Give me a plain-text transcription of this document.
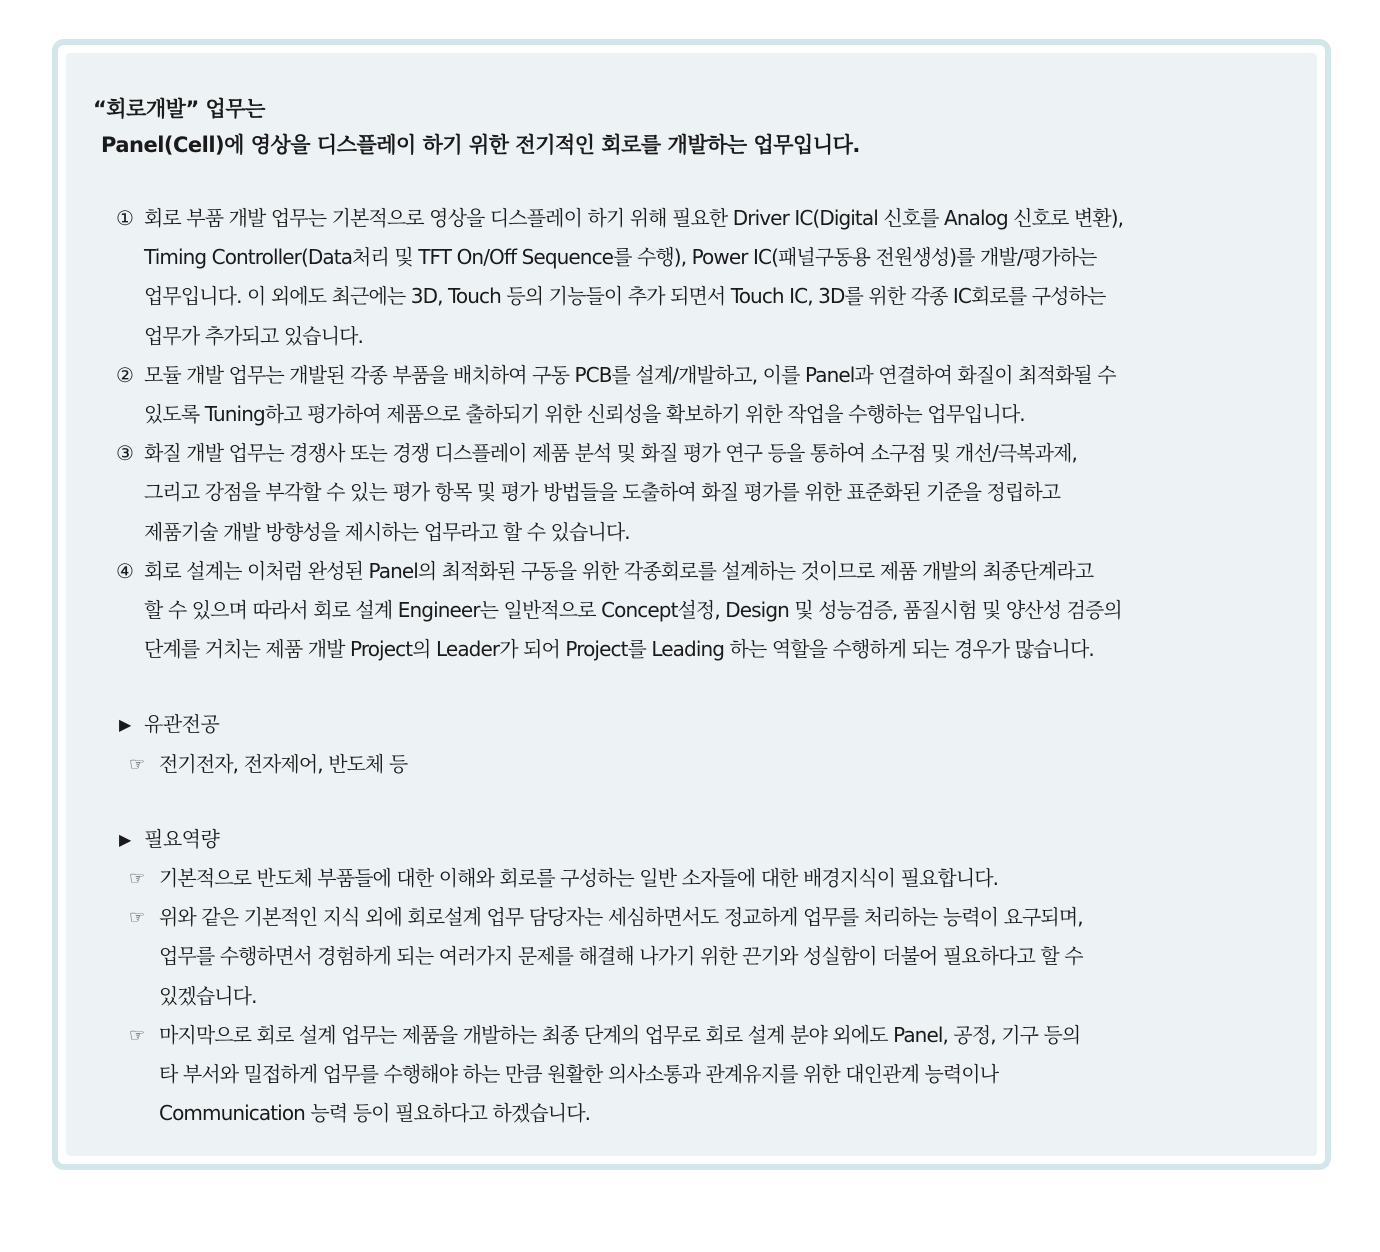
“회로개발” 업무는
Panel(Cell)에 영상을 디스플레이 하기 위한 전기적인 회로를 개발하는 업무입니다.
① 회로 부품 개발 업무는 기본적으로 영상을 디스플레이 하기 위해 필요한 Driver IC(Digital 신호를 Analog 신호로 변환),
Timing Controller(Data처리 및 TFT On/Off Sequence를 수행), Power IC(패널구동용 전원생성)를 개발/평가하는
업무입니다. 이 외에도 최근에는 3D, Touch 등의 기능들이 추가 되면서 Touch IC, 3D를 위한 각종 IC회로를 구성하는
업무가 추가되고 있습니다.
② 모듈 개발 업무는 개발된 각종 부품을 배치하여 구동 PCB를 설계/개발하고, 이를 Panel과 연결하여 화질이 최적화될 수
있도록 Tuning하고 평가하여 제품으로 출하되기 위한 신뢰성을 확보하기 위한 작업을 수행하는 업무입니다.
③ 화질 개발 업무는 경쟁사 또는 경쟁 디스플레이 제품 분석 및 화질 평가 연구 등을 통하여 소구점 및 개선/극복과제,
그리고 강점을 부각할 수 있는 평가 항목 및 평가 방법들을 도출하여 화질 평가를 위한 표준화된 기준을 정립하고
제품기술 개발 방향성을 제시하는 업무라고 할 수 있습니다.
④ 회로 설계는 이처럼 완성된 Panel의 최적화된 구동을 위한 각종회로를 설계하는 것이므로 제품 개발의 최종단계라고
할 수 있으며 따라서 회로 설계 Engineer는 일반적으로 Concept설정, Design 및 성능검증, 품질시험 및 양산성 검증의
단계를 거치는 제품 개발 Project의 Leader가 되어 Project를 Leading 하는 역할을 수행하게 되는 경우가 많습니다.
▶ 유관전공
☞ 전기전자, 전자제어, 반도체 등
▶ 필요역량
☞ 기본적으로 반도체 부품들에 대한 이해와 회로를 구성하는 일반 소자들에 대한 배경지식이 필요합니다.
☞ 위와 같은 기본적인 지식 외에 회로설계 업무 담당자는 세심하면서도 정교하게 업무를 처리하는 능력이 요구되며,
업무를 수행하면서 경험하게 되는 여러가지 문제를 해결해 나가기 위한 끈기와 성실함이 더불어 필요하다고 할 수
있겠습니다.
☞ 마지막으로 회로 설계 업무는 제품을 개발하는 최종 단계의 업무로 회로 설계 분야 외에도 Panel, 공정, 기구 등의
타 부서와 밀접하게 업무를 수행해야 하는 만큼 원활한 의사소통과 관계유지를 위한 대인관계 능력이나
Communication 능력 등이 필요하다고 하겠습니다.
